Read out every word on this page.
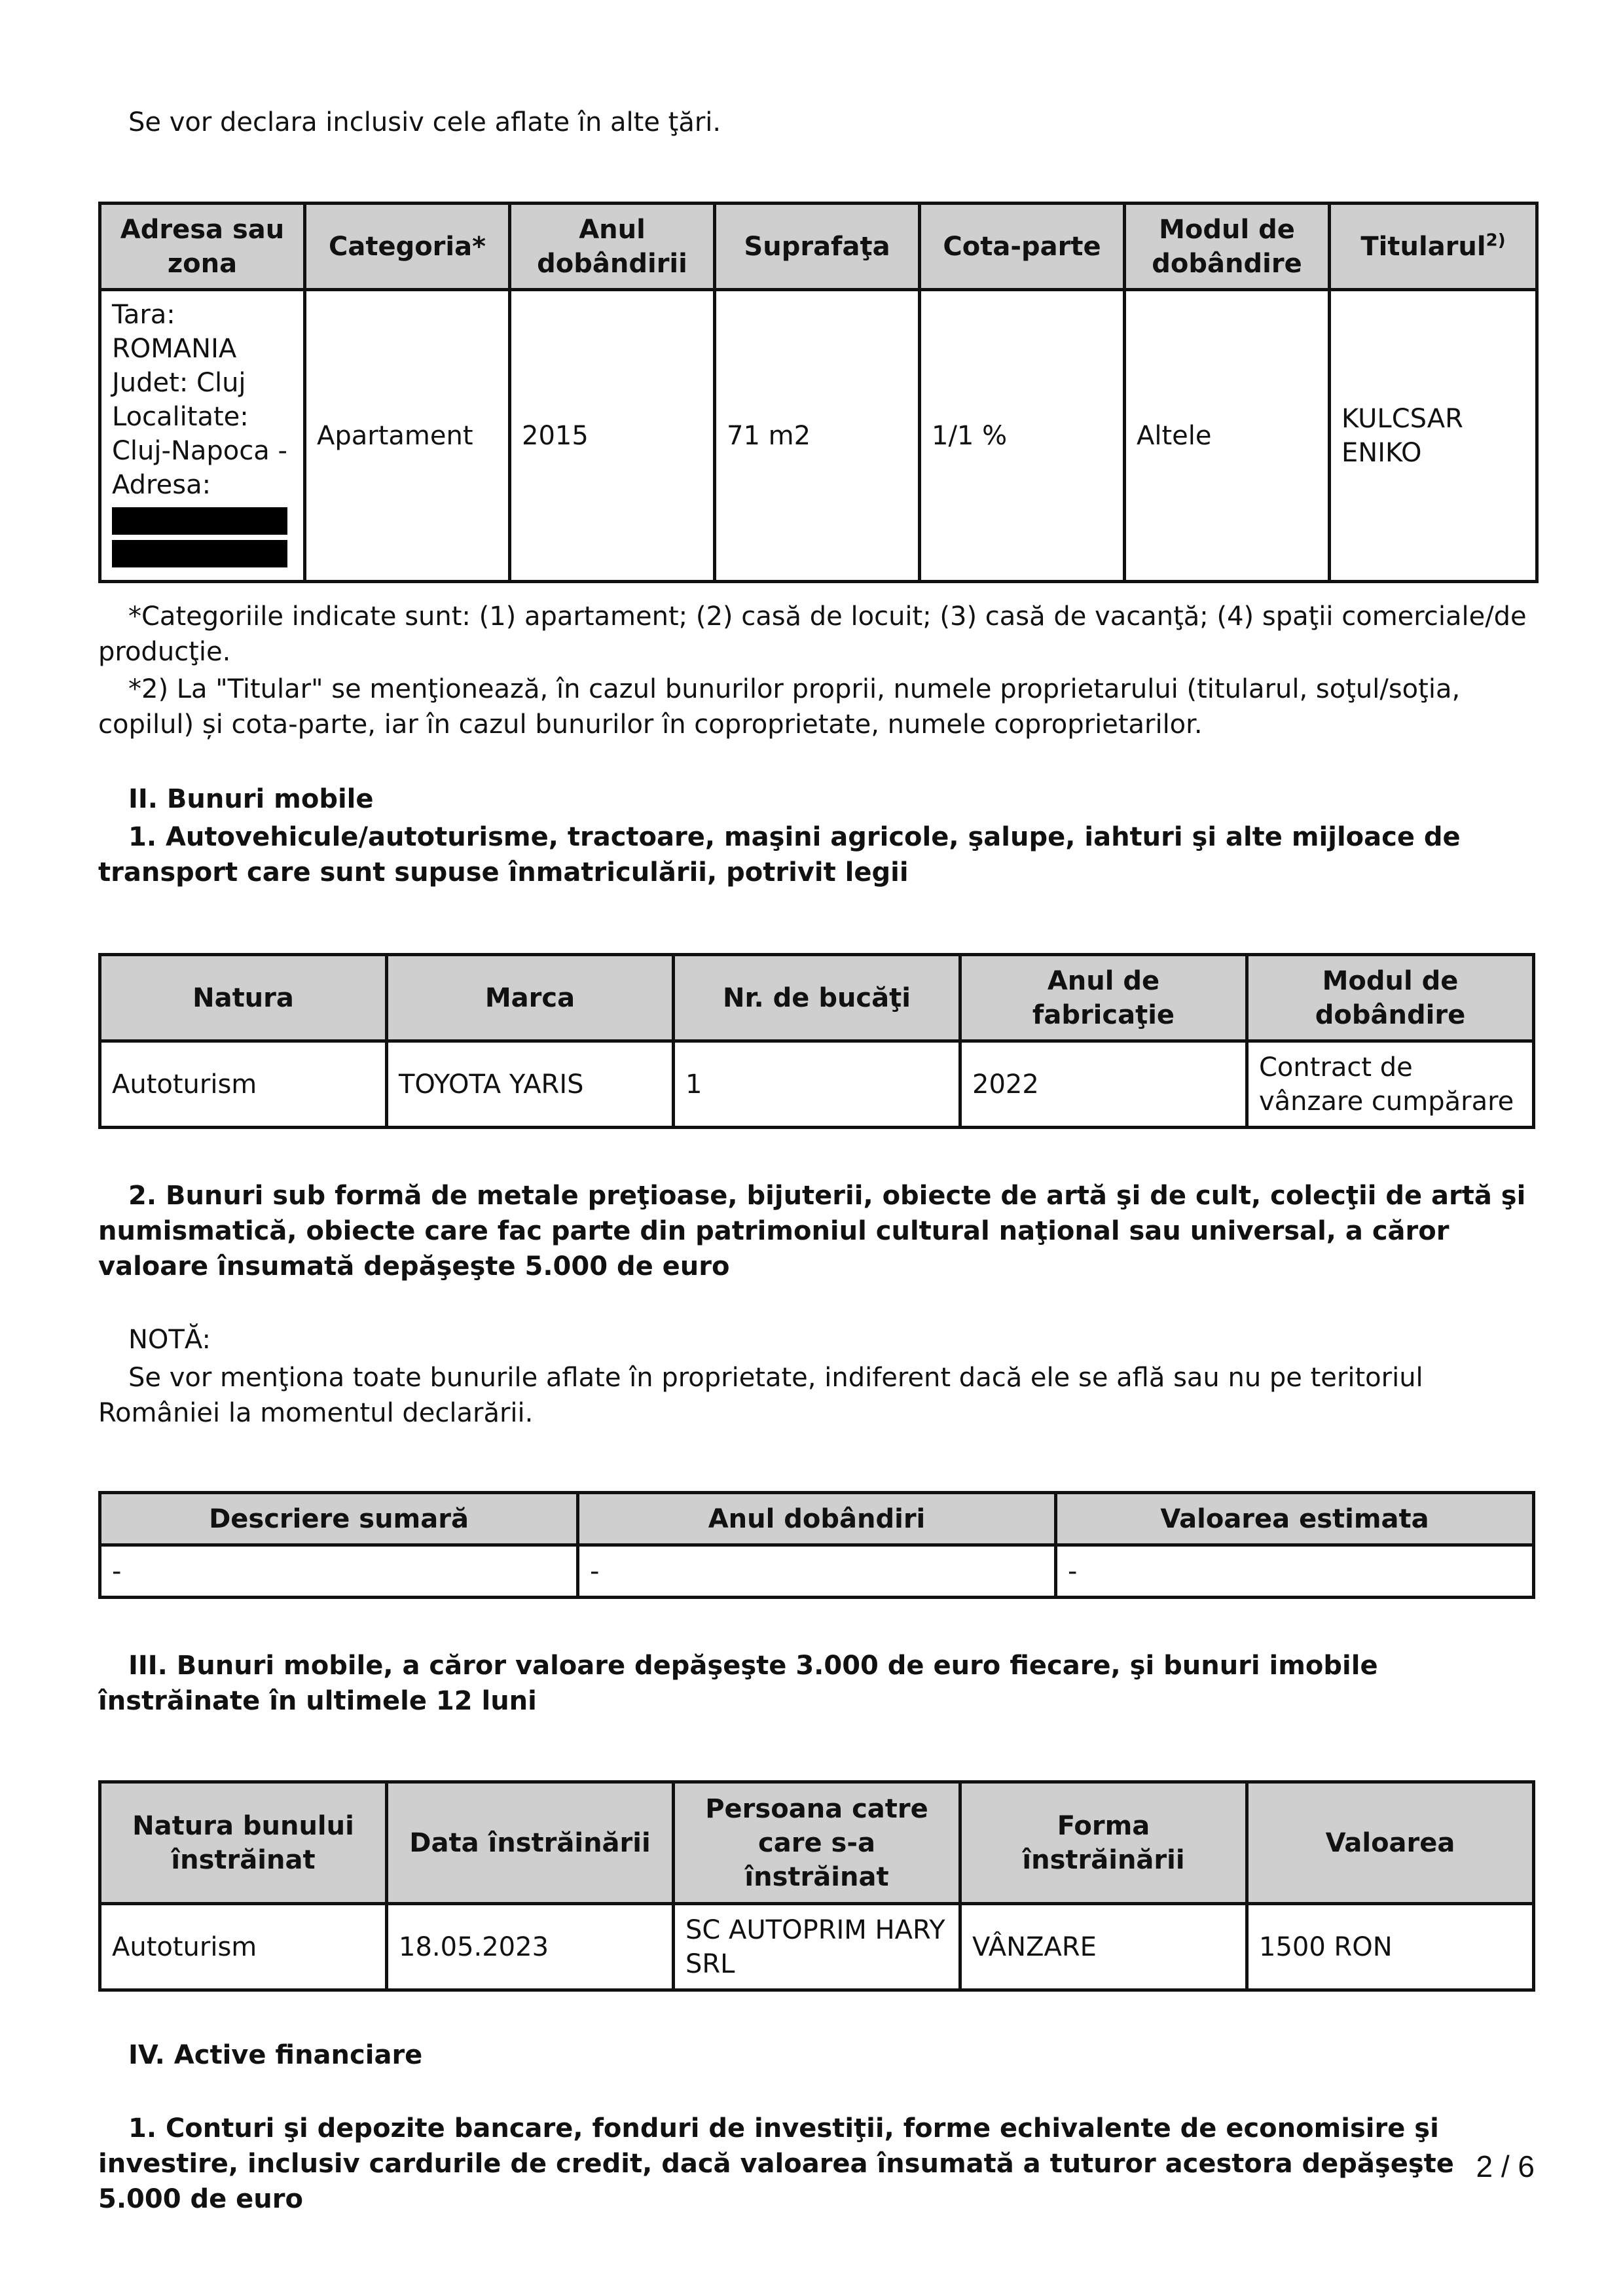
Se vor declara inclusiv cele aflate în alte ţări.

Adresa sau zona	Categoria*	Anul dobândirii	Suprafaţa	Cota-parte	Modul de dobândire	Titularul$^{2)}$

Tara: ROMANIA
Judet: Cluj
Localitate: Cluj-Napoca -
Adresa:	Apartament	2015	71 m2	1/1 %	Altele	KULCSAR ENIKO

*Categoriile indicate sunt: (1) apartament; (2) casă de locuit; (3) casă de vacanţă; (4) spaţii comerciale/de producţie.

*2) La "Titular" se menţionează, în cazul bunurilor proprii, numele proprietarului (titularul, soţul/soţia, copilul) și cota-parte, iar în cazul bunurilor în coproprietate, numele coproprietarilor.

II. Bunuri mobile

1. Autovehicule/autoturisme, tractoare, maşini agricole, şalupe, iahturi şi alte mijloace de transport care sunt supuse înmatriculării, potrivit legii

Natura	Marca	Nr. de bucăţi	Anul de fabricaţie	Modul de dobândire
Autoturism	TOYOTA YARIS	1	2022	Contract de vânzare cumpărare

2. Bunuri sub formă de metale preţioase, bijuterii, obiecte de artă şi de cult, colecţii de artă şi numismatică, obiecte care fac parte din patrimoniul cultural naţional sau universal, a căror valoare însumată depăşeşte 5.000 de euro

NOTĂ:

Se vor menţiona toate bunurile aflate în proprietate, indiferent dacă ele se află sau nu pe teritoriul României la momentul declarării.

Descriere sumară	Anul dobândiri	Valoarea estimata
-	-	-

III. Bunuri mobile, a căror valoare depăşeşte 3.000 de euro fiecare, şi bunuri imobile înstrăinate în ultimele 12 luni

Natura bunului înstrăinat	Data înstrăinării	Persoana catre care s-a înstrăinat	Forma înstrăinării	Valoarea
Autoturism	18.05.2023	SC AUTOPRIM HARY SRL	VÂNZARE	1500 RON

IV. Active financiare

1. Conturi şi depozite bancare, fonduri de investiţii, forme echivalente de economisire şi investire, inclusiv cardurile de credit, dacă valoarea însumată a tuturor acestora depăşeşte 5.000 de euro

2 / 6
